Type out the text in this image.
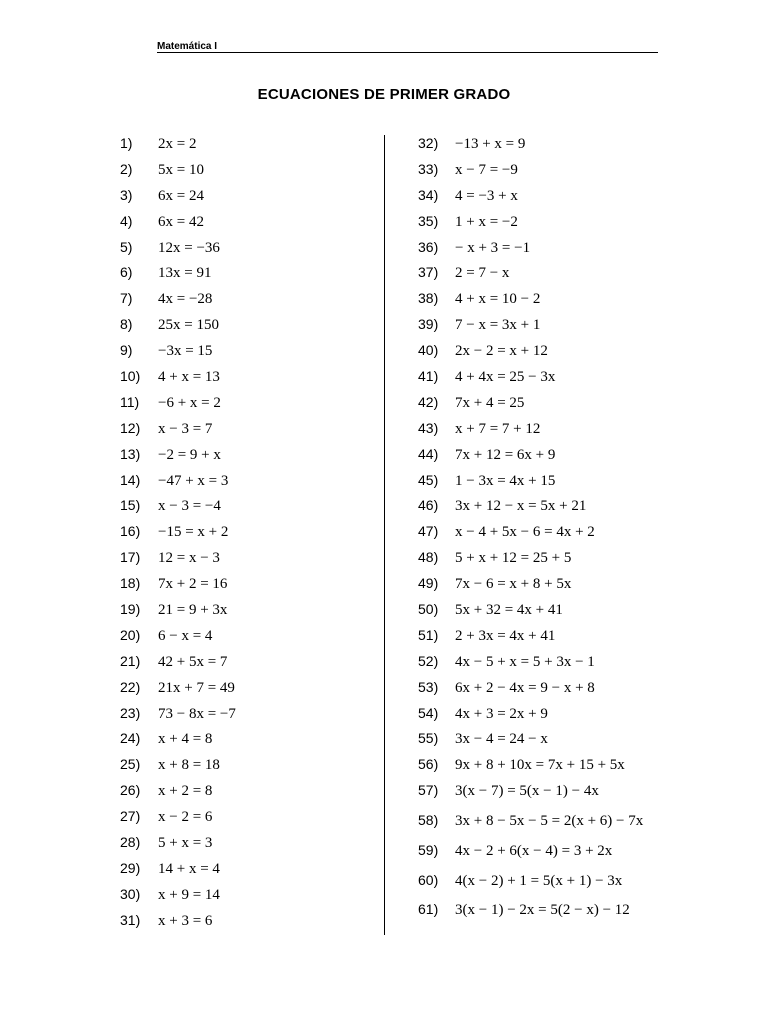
Matemática I
ECUACIONES DE PRIMER GRADO
1) 2x = 2
2) 5x = 10
3) 6x = 24
4) 6x = 42
5) 12x = −36
6) 13x = 91
7) 4x = −28
8) 25x = 150
9) −3x = 15
10) 4 + x = 13
11) −6 + x = 2
12) x − 3 = 7
13) −2 = 9 + x
14) −47 + x = 3
15) x − 3 = −4
16) −15 = x + 2
17) 12 = x − 3
18) 7x + 2 = 16
19) 21 = 9 + 3x
20) 6 − x = 4
21) 42 + 5x = 7
22) 21x + 7 = 49
23) 73 − 8x = −7
24) x + 4 = 8
25) x + 8 = 18
26) x + 2 = 8
27) x − 2 = 6
28) 5 + x = 3
29) 14 + x = 4
30) x + 9 = 14
31) x + 3 = 6
32) −13 + x = 9
33) x − 7 = −9
34) 4 = −3 + x
35) 1 + x = −2
36) − x + 3 = −1
37) 2 = 7 − x
38) 4 + x = 10 − 2
39) 7 − x = 3x + 1
40) 2x − 2 = x + 12
41) 4 + 4x = 25 − 3x
42) 7x + 4 = 25
43) x + 7 = 7 + 12
44) 7x + 12 = 6x + 9
45) 1 − 3x = 4x + 15
46) 3x + 12 − x = 5x + 21
47) x − 4 + 5x − 6 = 4x + 2
48) 5 + x + 12 = 25 + 5
49) 7x − 6 = x + 8 + 5x
50) 5x + 32 = 4x + 41
51) 2 + 3x = 4x + 41
52) 4x − 5 + x = 5 + 3x − 1
53) 6x + 2 − 4x = 9 − x + 8
54) 4x + 3 = 2x + 9
55) 3x − 4 = 24 − x
56) 9x + 8 + 10x = 7x + 15 + 5x
57) 3(x − 7) = 5(x − 1) − 4x
58) 3x + 8 − 5x − 5 = 2(x + 6) − 7x
59) 4x − 2 + 6(x − 4) = 3 + 2x
60) 4(x − 2) + 1 = 5(x + 1) − 3x
61) 3(x − 1) − 2x = 5(2 − x) − 12
